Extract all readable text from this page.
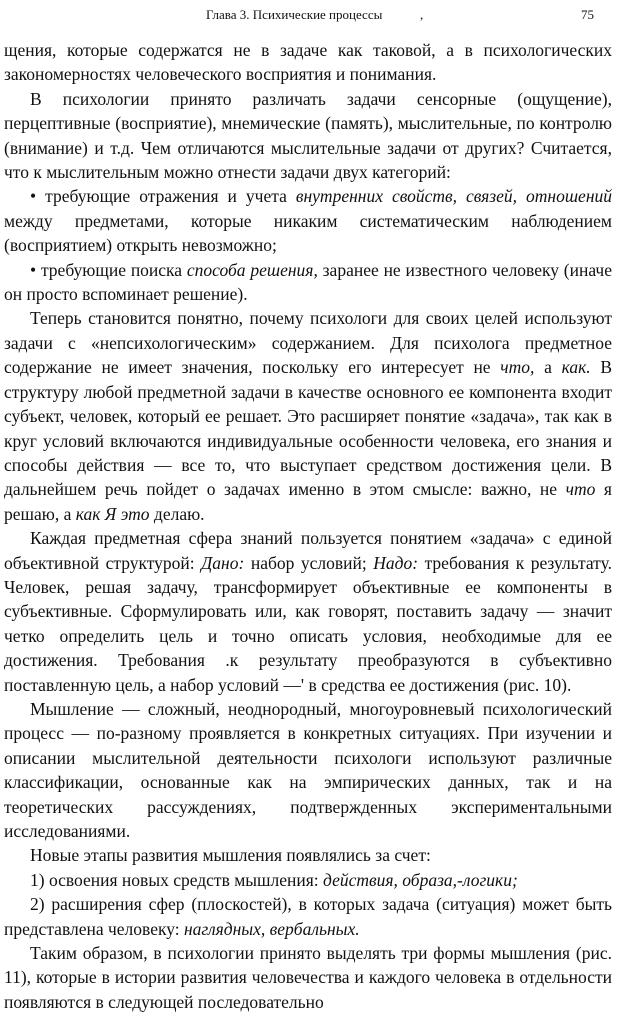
Глава 3. Психические процессы	,	75

щения, которые содержатся не в задаче как таковой, а в психологических закономерностях человеческого восприятия и понимания.

В психологии принято различать задачи сенсорные (ощущение), перцептивные (восприятие), мнемические (память), мыслительные, по контролю (внимание) и т.д. Чем отличаются мыслительные задачи от других? Считается, что к мыслительным можно отнести задачи двух категорий:

• требующие отражения и учета внутренних свойств, связей, отношений между предметами, которые никаким систематическим наблюдением (восприятием) открыть невозможно;

• требующие поиска способа решения, заранее не известного человеку (иначе он просто вспоминает решение).

Теперь становится понятно, почему психологи для своих целей используют задачи с «непсихологическим» содержанием. Для психолога предметное содержание не имеет значения, поскольку его интересует не что, а как. В структуру любой предметной задачи в качестве основного ее компонента входит субъект, человек, который ее решает. Это расширяет понятие «задача», так как в круг условий включаются индивидуальные особенности человека, его знания и способы действия — все то, что выступает средством достижения цели. В дальнейшем речь пойдет о задачах именно в этом смысле: важно, не что я решаю, а как Я это делаю.

Каждая предметная сфера знаний пользуется понятием «задача» с единой объективной структурой: Дано: набор условий; Надо: требования к результату. Человек, решая задачу, трансформирует объективные ее компоненты в субъективные. Сформулировать или, как говорят, поставить задачу — значит четко определить цель и точно описать условия, необходимые для ее достижения. Требования .к результату преобразуются в субъективно поставленную цель, а набор условий —' в средства ее достижения (рис. 10).

Мышление — сложный, неоднородный, многоуровневый психологический процесс — по-разному проявляется в конкретных ситуациях. При изучении и описании мыслительной деятельности психологи используют различные классификации, основанные как на эмпирических данных, так и на теоретических рассуждениях, подтвержденных экспериментальными исследованиями.

Новые этапы развития мышления появлялись за счет:

1) освоения новых средств мышления: действия, образа,-логики;

2) расширения сфер (плоскостей), в которых задача (ситуация) может быть представлена человеку: наглядных, вербальных.

Таким образом, в психологии принято выделять три формы мышления (рис. 11), которые в истории развития человечества и каждого человека в отдельности появляются в следующей последовательно
